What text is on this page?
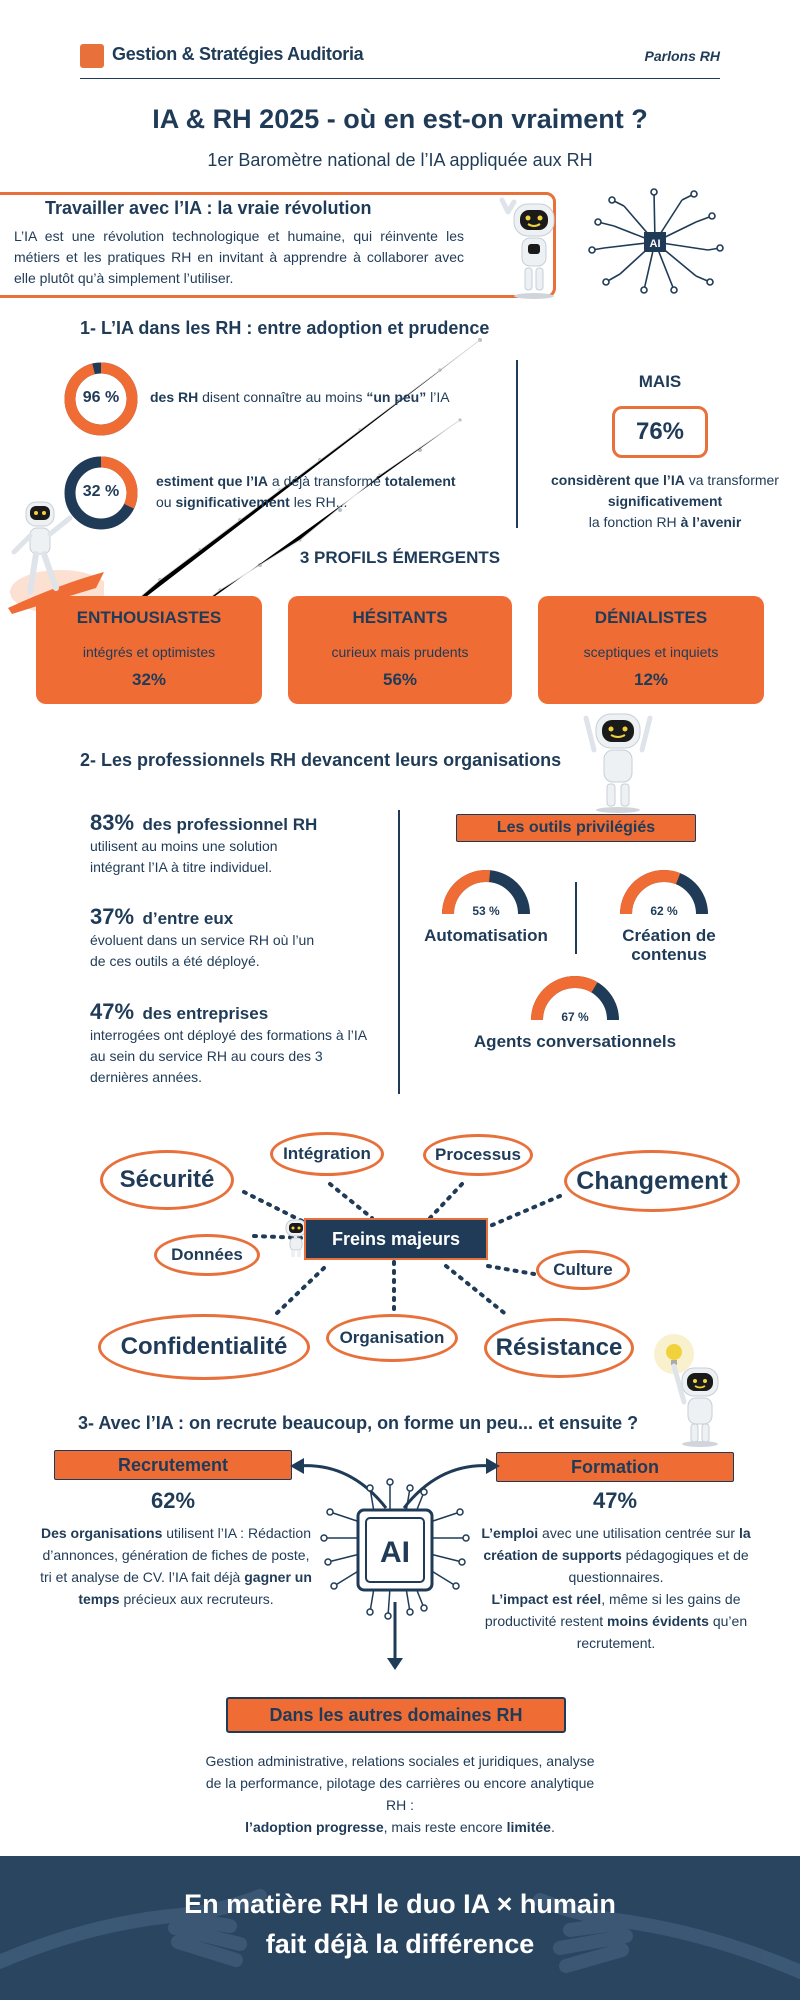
Gestion & Stratégies Auditoria	Parlons RH
IA & RH 2025 - où en est-on vraiment ?
1er Baromètre national de l’IA appliquée aux RH
Travailler avec l’IA : la vraie révolution
L’IA est une révolution technologique et humaine, qui réinvente les métiers et les pratiques RH en invitant à apprendre à collaborer avec elle plutôt qu’à simplement l’utiliser.
AI
1- L’IA dans les RH : entre adoption et prudence
96 %	des RH disent connaître au moins “un peu” l’IA
32 %
estiment que l’IA a déjà transformé totalement
ou significativement les RH...
MAIS
76%
considèrent que l’IA va transformer
significativement
la fonction RH à l’avenir
3 PROFILS ÉMERGENTS
ENTHOUSIASTES
intégrés et optimistes
32%
HÉSITANTS
curieux mais prudents
56%
DÉNIALISTES
sceptiques et inquiets
12%
2- Les professionnels RH devancent leurs organisations
83% des professionnel RH
utilisent au moins une solution intégrant l’IA à titre individuel.
37% d’entre eux
évoluent dans un service RH où l’un de ces outils a été déployé.
47% des entreprises
interrogées ont déployé des formations à l’IA au sein du service RH au cours des 3 dernières années.
Les outils privilégiés
53 %
Automatisation
62 %
Création de contenus
67 %
Agents conversationnels
Sécurité
Intégration	Processus
Changement
Données
Culture
Confidentialité	Organisation	Résistance
Freins majeurs
3- Avec l’IA : on recrute beaucoup, on forme un peu... et ensuite ?
Recrutement	Formation
AI
62%
Des organisations utilisent l’IA : Rédaction d’annonces, génération de fiches de poste, tri et analyse de CV. l’IA fait déjà gagner un temps précieux aux recruteurs.
47%
L’emploi avec une utilisation centrée sur la création de supports pédagogiques et de questionnaires.
L’impact est réel, même si les gains de productivité restent moins évidents qu’en recrutement.
Dans les autres domaines RH
Gestion administrative, relations sociales et juridiques, analyse de la performance, pilotage des carrières ou encore analytique RH :
l’adoption progresse, mais reste encore limitée.
En matière RH le duo IA × humain
fait déjà la différence
